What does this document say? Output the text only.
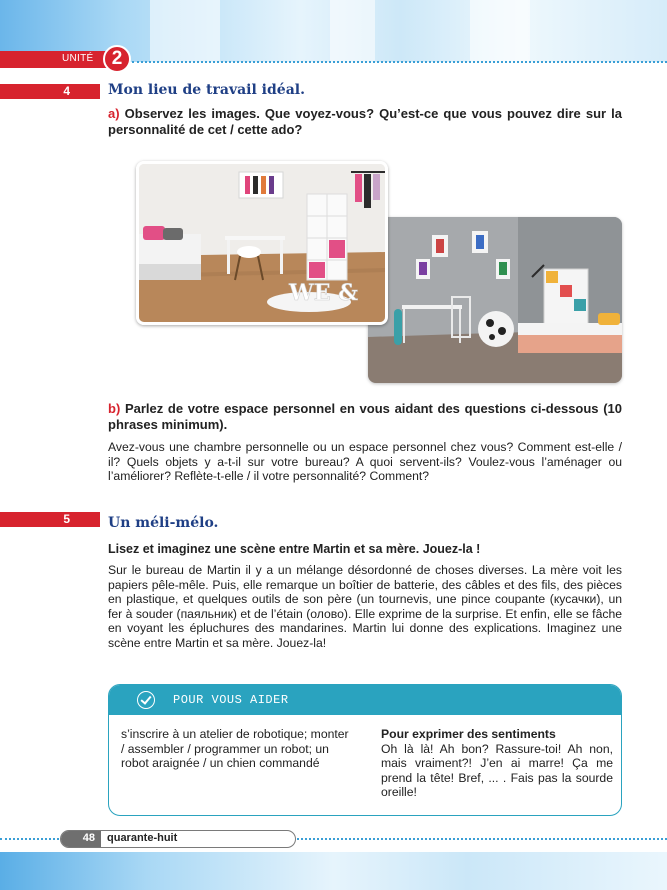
UNITÉ 2
4	Mon lieu de travail idéal.
a) Observez les images. Que voyez-vous? Qu’est-ce que vous pouvez dire sur la personnalité de cet / cette ado?
WE &
b) Parlez de votre espace personnel en vous aidant des questions ci-dessous (10 phrases minimum).
Avez-vous une chambre personnelle ou un espace personnel chez vous? Comment est-elle / il? Quels objets y a-t-il sur votre bureau? A quoi servent-ils? Voulez-vous l’aménager ou l’améliorer? Reflète-t-elle / il votre personnalité? Comment?
5	Un méli-mélo.
Lisez et imaginez une scène entre Martin et sa mère. Jouez-la !
Sur le bureau de Martin il y a un mélange désordonné de choses diverses. La mère voit les papiers pêle-mêle. Puis, elle remarque un boîtier de batterie, des câbles et des fils, des pièces en plastique, et quelques outils de son père (un tournevis, une pince coupante (кусачки), un fer à souder (паяльник) et de l’étain (олово). Elle exprime de la surprise. Et enfin, elle se fâche en voyant les épluchures des mandarines. Martin lui donne des explications. Imaginez une scène entre Martin et sa mère. Jouez-la!
POUR VOUS AIDER
s’inscrire à un atelier de robotique; monter / assembler / programmer un robot; un robot araignée / un chien commandé
Pour exprimer des sentiments
Oh là là! Ah bon? Rassure-toi! Ah non, mais vraiment?! J’en ai marre! Ça me prend la tête! Bref, ... . Fais pas la sourde oreille!
48	quarante-huit
